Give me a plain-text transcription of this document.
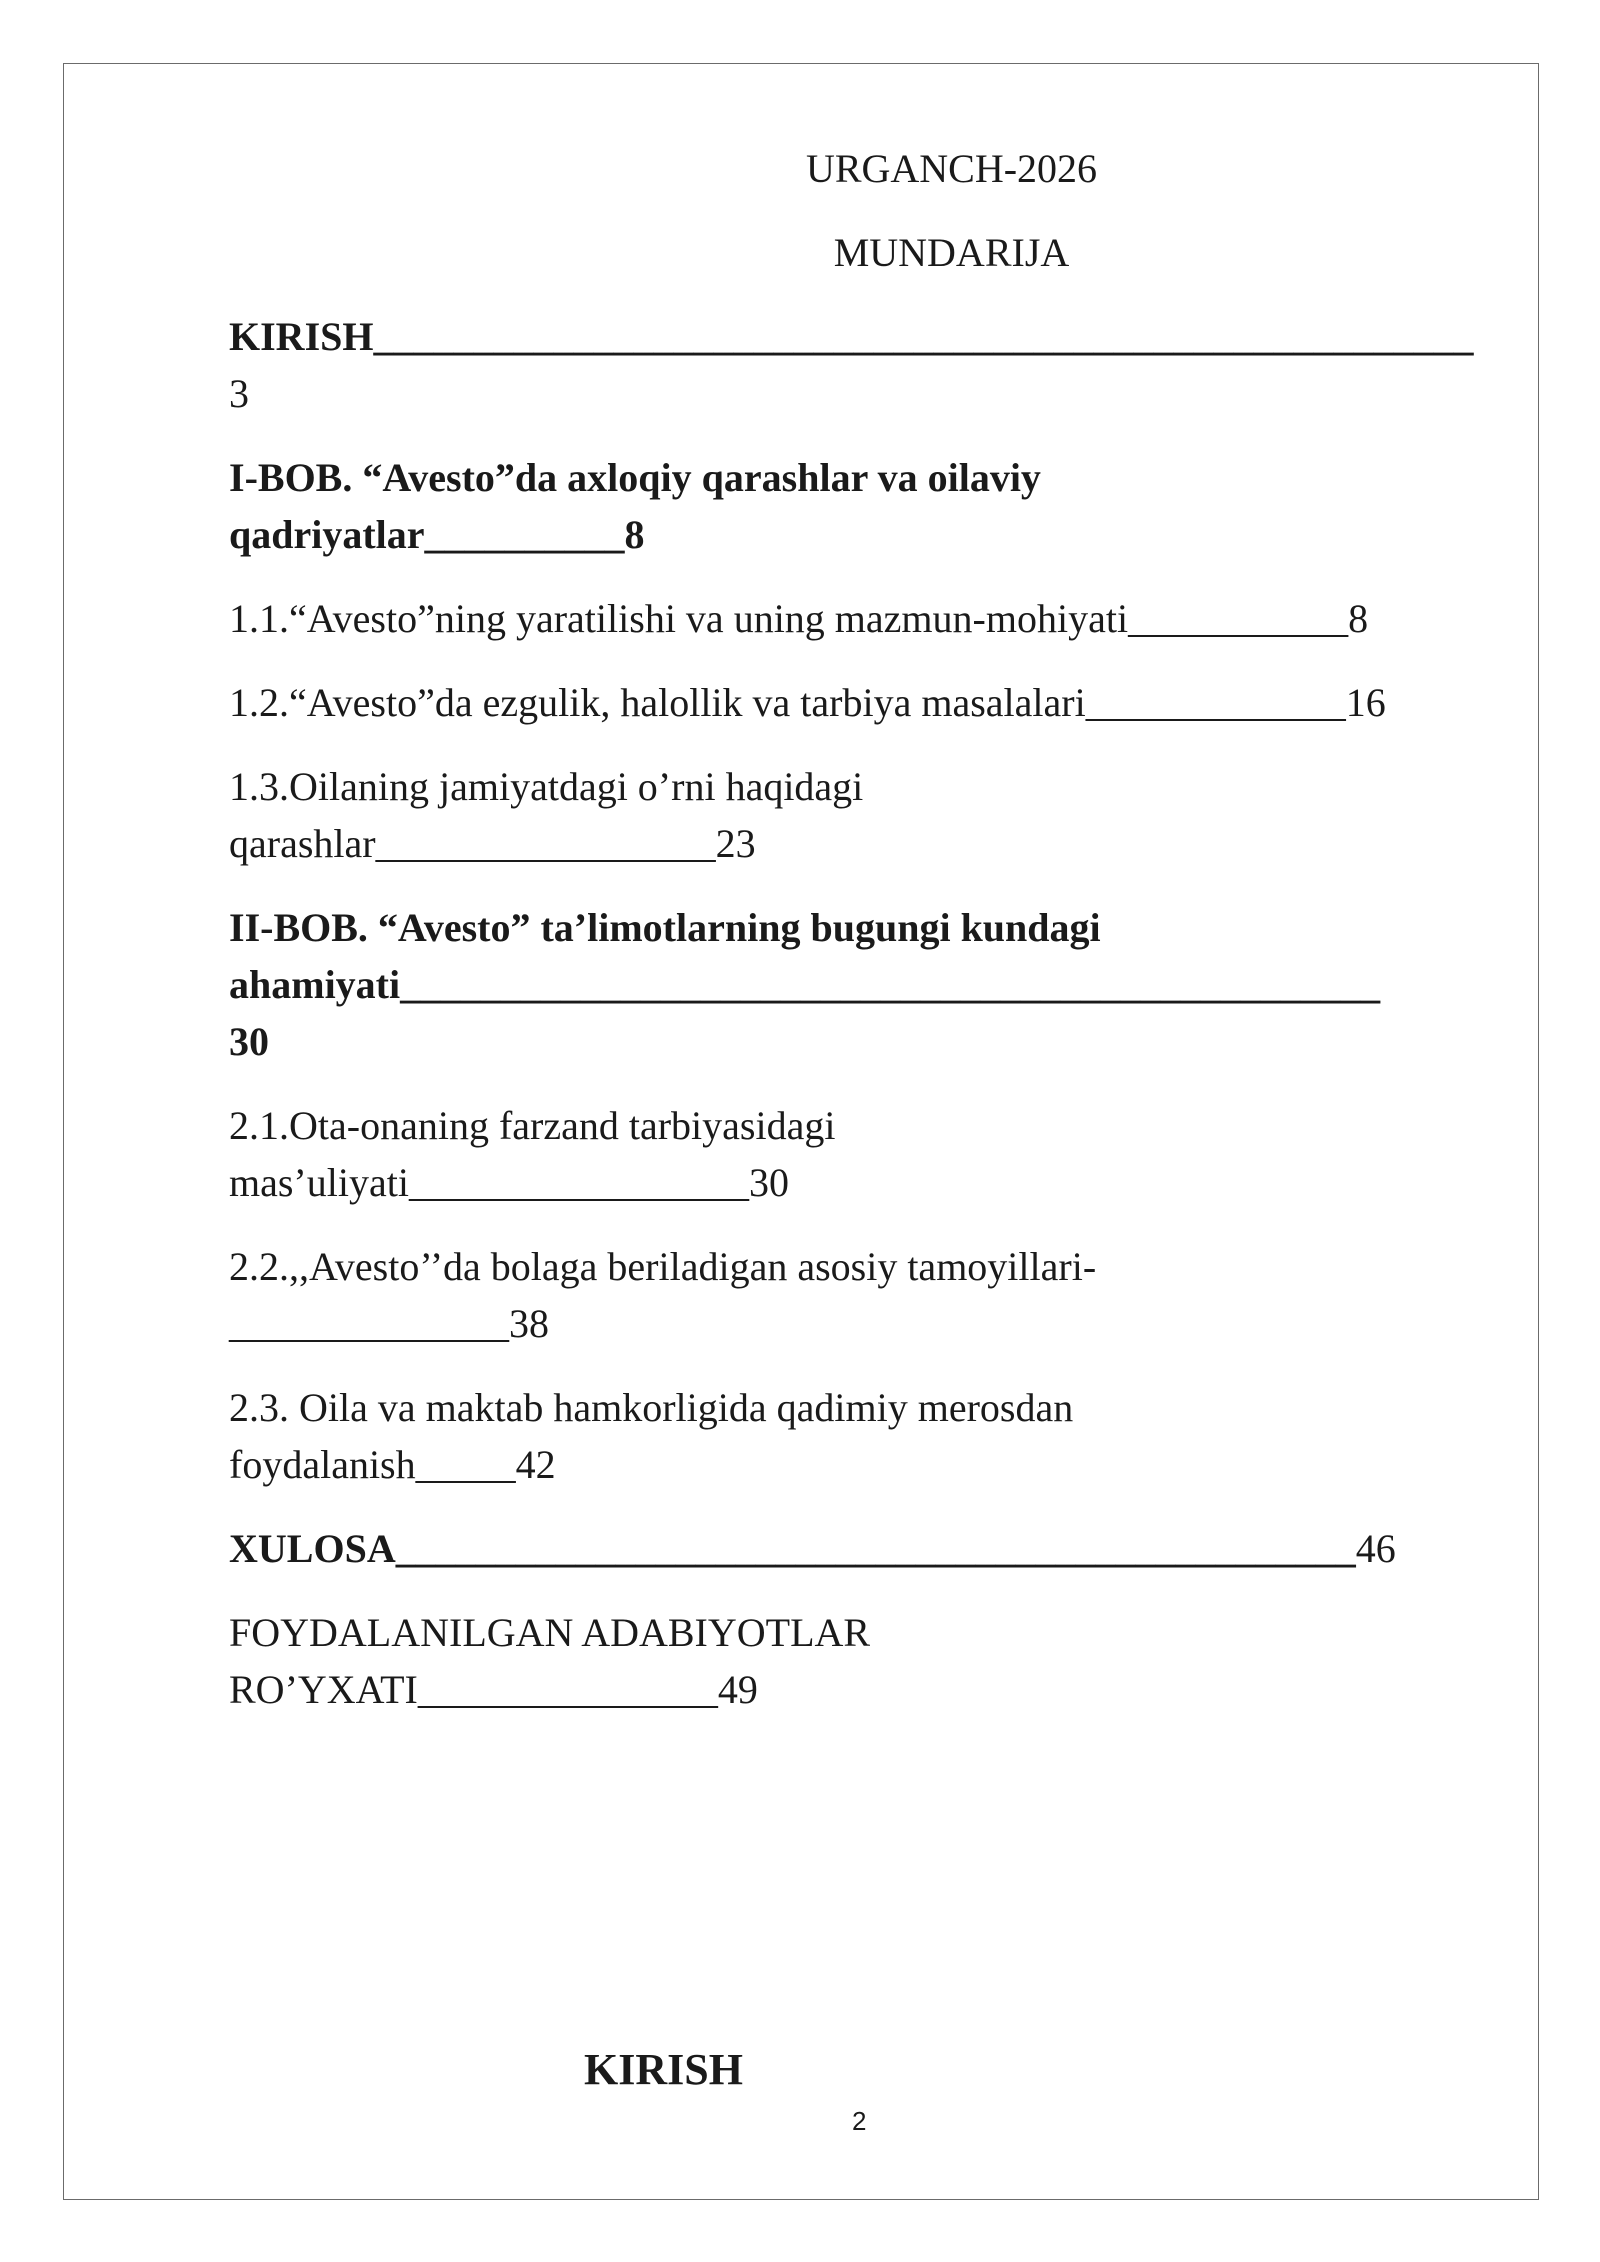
URGANCH-2026
MUNDARIJA
KIRISH_______________________________________________________
3
I-BOB. “Avesto”da axloqiy qarashlar va oilaviy
qadriyatlar__________8
1.1.“Avesto”ning yaratilishi va uning mazmun-mohiyati___________8
1.2.“Avesto”da ezgulik, halollik va tarbiya masalalari_____________16
1.3.Oilaning jamiyatdagi o’rni haqidagi
qarashlar_________________23
II-BOB. “Avesto” ta’limotlarning bugungi kundagi
ahamiyati_________________________________________________
30
2.1.Ota-onaning farzand tarbiyasidagi
mas’uliyati_________________30
2.2.,,Avesto’’da bolaga beriladigan asosiy tamoyillari-
______________38
2.3. Oila va maktab hamkorligida qadimiy merosdan
foydalanish_____42
XULOSA________________________________________________46
FOYDALANILGAN ADABIYOTLAR
RO’YXATI_______________49
KIRISH
2
